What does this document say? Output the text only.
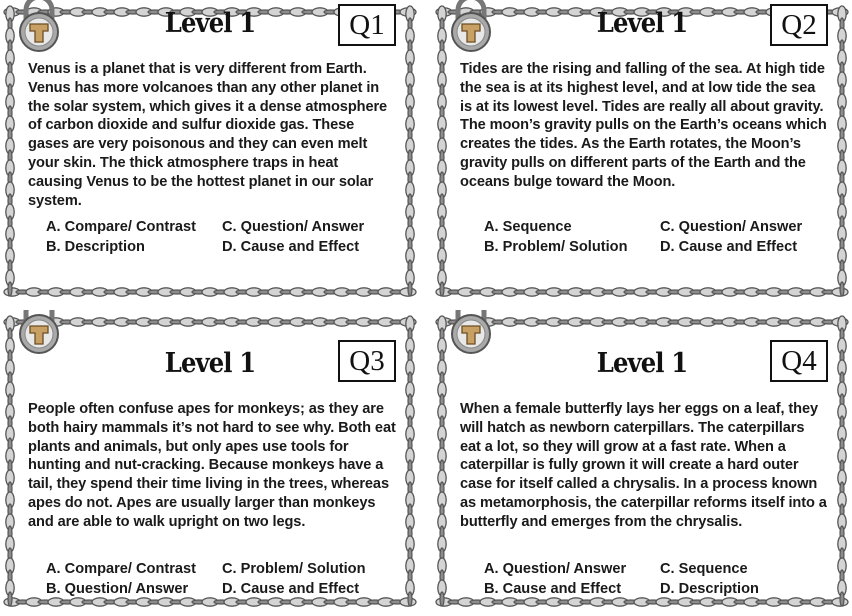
Level 1	Q1

Venus is a planet that is very different from Earth. Venus has more volcanoes than any other planet in the solar system, which gives it a dense atmosphere of carbon dioxide and sulfur dioxide gas. These gases are very poisonous and they can even melt your skin. The thick atmosphere traps in heat causing Venus to be the hottest planet in our solar system.

A. Compare/ Contrast	C. Question/ Answer
B. Description	D. Cause and Effect
Level 1	Q2

Tides are the rising and falling of the sea. At high tide the sea is at its highest level, and at low tide the sea is at its lowest level. Tides are really all about gravity. The moon’s gravity pulls on the Earth’s oceans which creates the tides. As the Earth rotates, the Moon’s gravity pulls on different parts of the Earth and the oceans bulge toward the Moon.

A. Sequence	C. Question/ Answer
B. Problem/ Solution	D. Cause and Effect
Level 1	Q3

People often confuse apes for monkeys; as they are both hairy mammals it’s not hard to see why. Both eat plants and animals, but only apes use tools for hunting and nut-cracking. Because monkeys have a tail, they spend their time living in the trees, whereas apes do not. Apes are usually larger than monkeys and are able to walk upright on two legs.

A. Compare/ Contrast	C. Problem/ Solution
B. Question/ Answer	D. Cause and Effect
Level 1	Q4

When a female butterfly lays her eggs on a leaf, they will hatch as newborn caterpillars. The caterpillars eat a lot, so they will grow at a fast rate. When a caterpillar is fully grown it will create a hard outer case for itself called a chrysalis. In a process known as metamorphosis, the caterpillar reforms itself into a butterfly and emerges from the chrysalis.

A. Question/ Answer	C. Sequence
B. Cause and Effect	D. Description
